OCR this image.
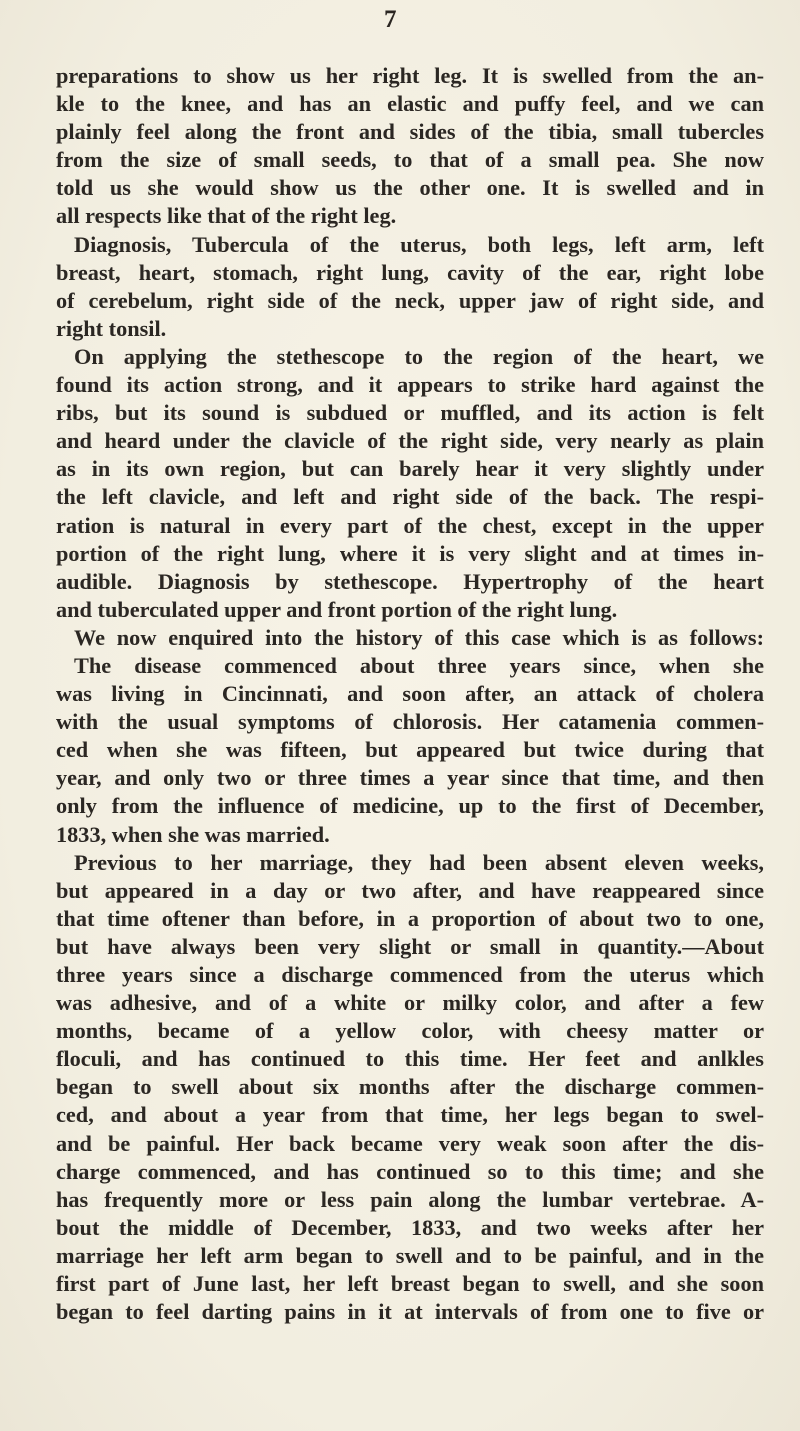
7
preparations to show us her right leg. It is swelled from the an-
kle to the knee, and has an elastic and puffy feel, and we can
plainly feel along the front and sides of the tibia, small tubercles
from the size of small seeds, to that of a small pea. She now
told us she would show us the other one. It is swelled and in
all respects like that of the right leg.
Diagnosis, Tubercula of the uterus, both legs, left arm, left
breast, heart, stomach, right lung, cavity of the ear, right lobe
of cerebelum, right side of the neck, upper jaw of right side, and
right tonsil.
On applying the stethescope to the region of the heart, we
found its action strong, and it appears to strike hard against the
ribs, but its sound is subdued or muffled, and its action is felt
and heard under the clavicle of the right side, very nearly as plain
as in its own region, but can barely hear it very slightly under
the left clavicle, and left and right side of the back. The respi-
ration is natural in every part of the chest, except in the upper
portion of the right lung, where it is very slight and at times in-
audible. Diagnosis by stethescope. Hypertrophy of the heart
and tuberculated upper and front portion of the right lung.
We now enquired into the history of this case which is as follows:
The disease commenced about three years since, when she
was living in Cincinnati, and soon after, an attack of cholera
with the usual symptoms of chlorosis. Her catamenia commen-
ced when she was fifteen, but appeared but twice during that
year, and only two or three times a year since that time, and then
only from the influence of medicine, up to the first of December,
1833, when she was married.
Previous to her marriage, they had been absent eleven weeks,
but appeared in a day or two after, and have reappeared since
that time oftener than before, in a proportion of about two to one,
but have always been very slight or small in quantity.—About
three years since a discharge commenced from the uterus which
was adhesive, and of a white or milky color, and after a few
months, became of a yellow color, with cheesy matter or
floculi, and has continued to this time. Her feet and anlkles
began to swell about six months after the discharge commen-
ced, and about a year from that time, her legs began to swel-
and be painful. Her back became very weak soon after the dis-
charge commenced, and has continued so to this time; and she
has frequently more or less pain along the lumbar vertebrae. A-
bout the middle of December, 1833, and two weeks after her
marriage her left arm began to swell and to be painful, and in the
first part of June last, her left breast began to swell, and she soon
began to feel darting pains in it at intervals of from one to five or
